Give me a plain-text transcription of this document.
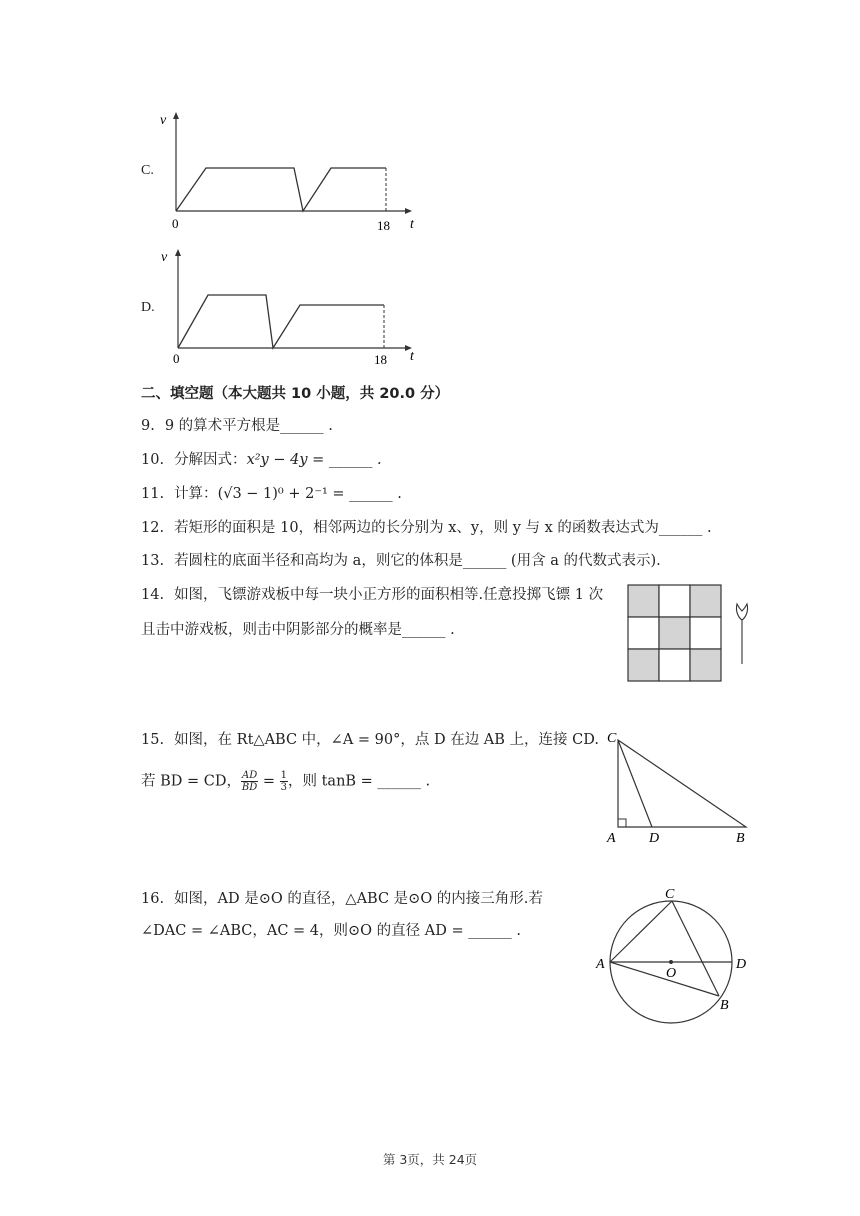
C.
v
t
0	18
D.
v
t
0	18
二、填空题（本大题共 10 小题，共 20.0 分）
9. 9 的算术平方根是______ .
10. 分解因式：x²y − 4y = ______ .
11. 计算：(√3 − 1)⁰ + 2⁻¹ = ______ .
12. 若矩形的面积是 10，相邻两边的长分别为 x、y，则 y 与 x 的函数表达式为______ .
13. 若圆柱的底面半径和高均为 a，则它的体积是______ (用含 a 的代数式表示).
14. 如图，飞镖游戏板中每一块小正方形的面积相等.任意投掷飞镖 1 次
且击中游戏板，则击中阴影部分的概率是______ .
15. 如图，在 Rt△ABC 中，∠A = 90°，点 D 在边 AB 上，连接 CD.
若 BD = CD， $\frac{AD}{BD} = \frac{1}{3}$ ，则 tanB = ______ .
C
A D	B
16. 如图，AD 是⊙O 的直径，△ABC 是⊙O 的内接三角形.若
∠DAC = ∠ABC，AC = 4，则⊙O 的直径 AD = ______ .
C
A
O
D
B
第 3页，共 24页
